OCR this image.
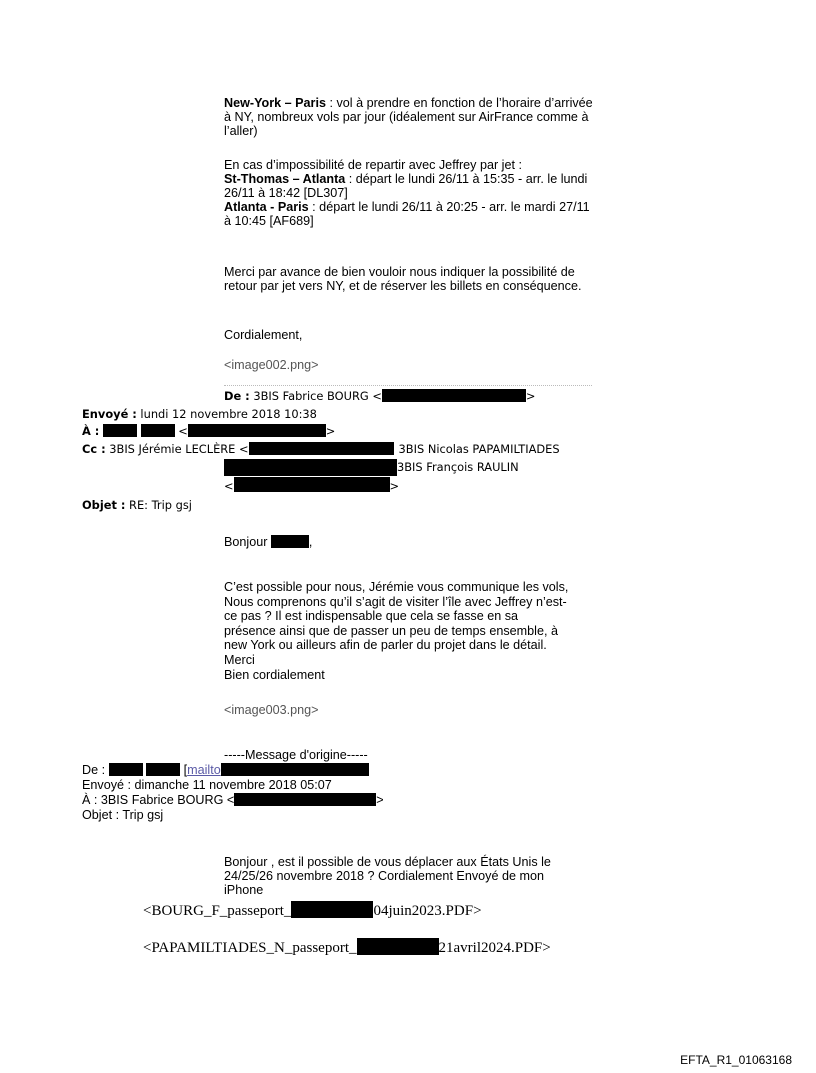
New-York – Paris : vol à prendre en fonction de l’horaire d’arrivée à NY, nombreux vols par jour (idéalement sur AirFrance comme à l’aller)
En cas d’impossibilité de repartir avec Jeffrey par jet :
St-Thomas – Atlanta : départ le lundi 26/11 à 15:35 - arr. le lundi 26/11 à 18:42 [DL307]
Atlanta - Paris : départ le lundi 26/11 à 20:25 - arr. le mardi 27/11 à 10:45 [AF689]
Merci par avance de bien vouloir nous indiquer la possibilité de retour par jet vers NY, et de réserver les billets en conséquence.
Cordialement,
<image002.png>
De : 3BIS Fabrice BOURG <	>
Envoyé : lundi 12 novembre 2018 10:38
À :	<	>
Cc : 3BIS Jérémie LECLÈRE <	3BIS Nicolas PAPAMILTIADES
3BIS François RAULIN
<	>
Objet : RE: Trip gsj
Bonjour	,
C’est possible pour nous, Jérémie vous communique les vols,
Nous comprenons qu’il s’agit de visiter l’île avec Jeffrey n’est-
ce pas ? Il est indispensable que cela se fasse en sa
présence ainsi que de passer un peu de temps ensemble, à
new York ou ailleurs afin de parler du projet dans le détail.
Merci
Bien cordialement
<image003.png>
-----Message d'origine-----
De :	[mailto
Envoyé : dimanche 11 novembre 2018 05:07
À : 3BIS Fabrice BOURG <	>
Objet : Trip gsj
Bonjour , est il possible de vous déplacer aux États Unis le 24/25/26 novembre 2018 ? Cordialement Envoyé de mon iPhone
<BOURG_F_passeport_	04juin2023.PDF>
<PAPAMILTIADES_N_passeport_	21avril2024.PDF>
EFTA_R1_01063168
